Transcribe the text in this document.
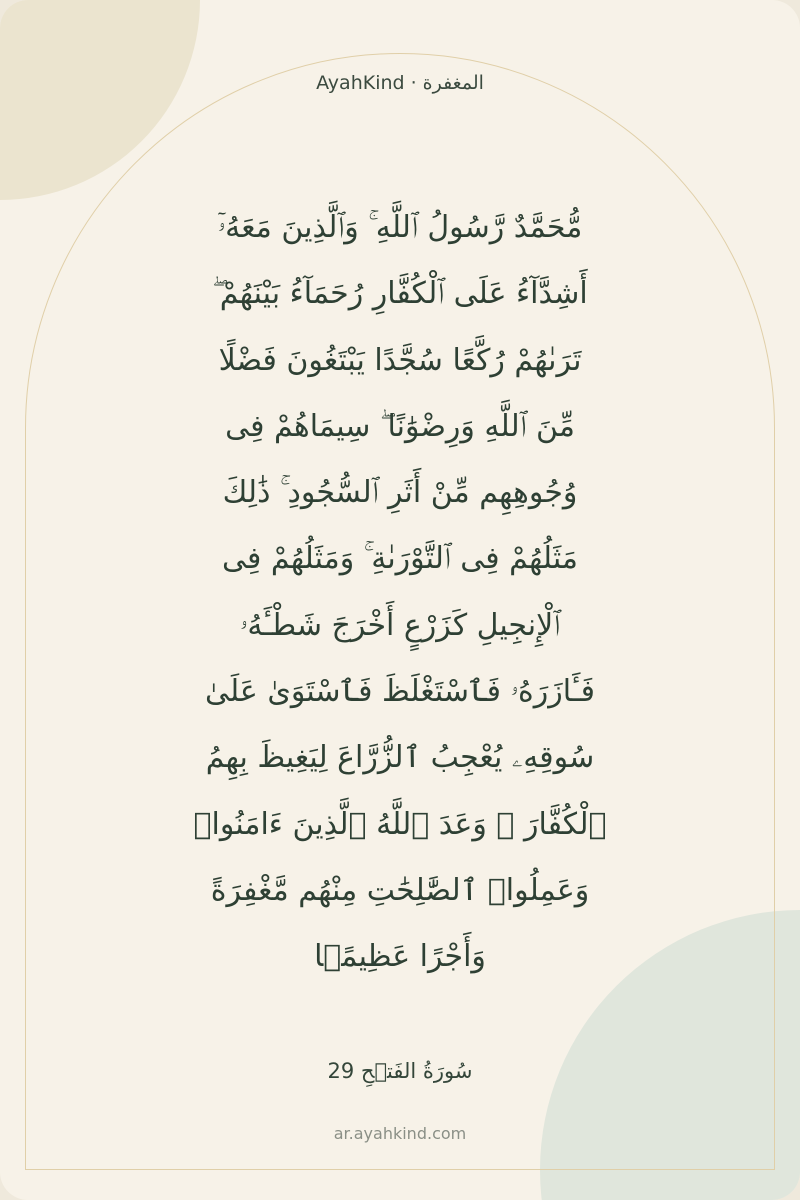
AyahKind · المغفرة
مُّحَمَّدٌ رَّسُولُ ٱللَّهِ ۚ وَٱلَّذِينَ مَعَهُۥٓ
أَشِدَّآءُ عَلَى ٱلْكُفَّارِ رُحَمَآءُ بَيْنَهُمْ ۖ
تَرَىٰهُمْ رُكَّعًا سُجَّدًا يَبْتَغُونَ فَضْلًا
مِّنَ ٱللَّهِ وَرِضْوَٰنًا ۖ سِيمَاهُمْ فِى
وُجُوهِهِم مِّنْ أَثَرِ ٱلسُّجُودِ ۚ ذَٰلِكَ
مَثَلُهُمْ فِى ٱلتَّوْرَىٰةِ ۚ وَمَثَلُهُمْ فِى
ٱلْإِنجِيلِ كَزَرْعٍ أَخْرَجَ شَطْـَٔهُۥ
فَـَٔازَرَهُۥ فَٱسْتَغْلَظَ فَٱسْتَوَىٰ عَلَىٰ
سُوقِهِۦ يُعْجِبُ ٱلزُّرَّاعَ لِيَغِيظَ بِهِمُ
ٱلْكُفَّارَ ۗ وَعَدَ ٱللَّهُ ٱلَّذِينَ ءَامَنُوا۟
وَعَمِلُوا۟ ٱلصَّٰلِحَٰتِ مِنْهُم مَّغْفِرَةً
وَأَجْرًا عَظِيمًۢا
سُورَةُ الفَتۡحِ 29
ar.ayahkind.com
